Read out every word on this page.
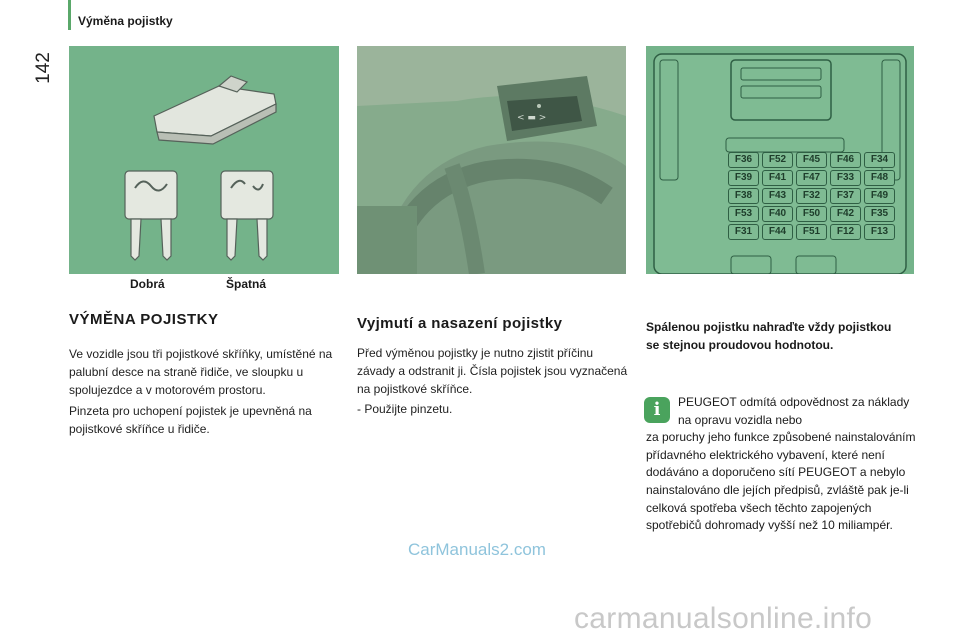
142
Výměna pojistky
Dobrá	Špatná
< ▬ >
F36	F52	F45	F46	F34
F39	F41	F47	F33	F48
F38	F43	F32	F37	F49
F53	F40	F50	F42	F35
F31	F44	F51	F12	F13
VÝMĚNA POJISTKY
Ve vozidle jsou tři pojistkové skříňky, umístěné na palubní desce na straně řidiče, ve sloupku u spolujezdce a v motorovém prostoru.
Pinzeta pro uchopení pojistek je upevněná na pojistkové skříňce u řidiče.
Vyjmutí a nasazení pojistky
Před výměnou pojistky je nutno zjistit příčinu závady a odstranit ji. Čísla pojistek jsou vyznačená na pojistkové skříňce.
- Použijte pinzetu.
Spálenou pojistku nahraďte vždy pojistkou se stejnou proudovou hodnotou.
i	PEUGEOT odmítá odpovědnost za náklady na opravu vozidla nebo
za poruchy jeho funkce způsobené nainstalováním přídavného elektrického vybavení, které není dodáváno a doporučeno sítí PEUGEOT a nebylo nainstalováno dle jejích předpisů, zvláště pak je-li celková spotřeba všech těchto zapojených spotřebičů dohromady vyšší než 10 miliampér.
CarManuals2.com
carmanualsonline.info
